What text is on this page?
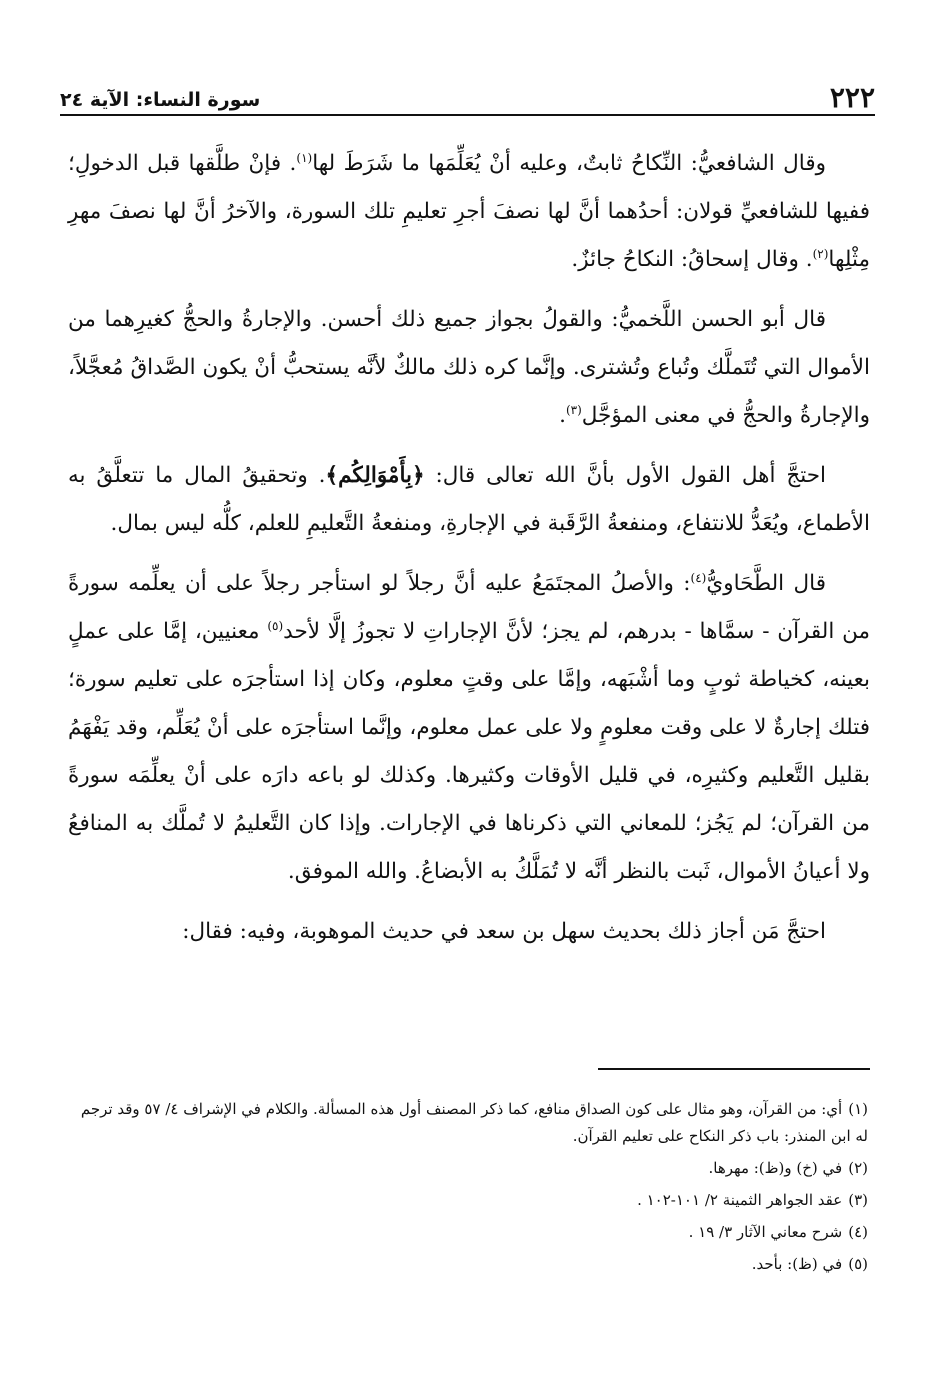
٢٢٢
سورة النساء: الآية ٢٤

وقال الشافعيُّ: النِّكاحُ ثابتٌ، وعليه أنْ يُعَلِّمَها ما شَرَطَ لها$^{(١)}$. فإنْ طلَّقها قبل الدخولِ؛ ففيها للشافعيِّ قولان: أحدُهما أنَّ لها نصفَ أجرِ تعليمِ تلك السورة، والآخرُ أنَّ لها نصفَ مهرِ مِثْلِها$^{(٢)}$. وقال إسحاقُ: النكاحُ جائزٌ.

قال أبو الحسن اللَّخميُّ: والقولُ بجواز جميع ذلك أحسن. والإجارةُ والحجُّ كغيرِهما من الأموال التي تُتَملَّك وتُباع وتُشترى. وإنَّما كره ذلك مالكٌ لأنَّه يستحبُّ أنْ يكون الصَّداقُ مُعجَّلاً، والإجارةُ والحجُّ في معنى المؤجَّل$^{(٣)}$.

احتجَّ أهل القول الأول بأنَّ الله تعالى قال: ﴿بِأَمْوَالِكُم﴾. وتحقيقُ المال ما تتعلَّقُ به الأطماع، ويُعَدُّ للانتفاع، ومنفعةُ الرَّقَبة في الإجارةِ، ومنفعةُ التَّعليمِ للعلم، كلُّه ليس بمال.

قال الطَّحَاويُّ$^{(٤)}$: والأصلُ المجتَمَعُ عليه أنَّ رجلاً لو استأجر رجلاً على أن يعلِّمه سورةً من القرآن - سمَّاها - بدرهم، لم يجز؛ لأنَّ الإجاراتِ لا تجوزُ إلَّا لأحد$^{(٥)}$ معنيين، إمَّا على عملٍ بعينه، كخياطة ثوبٍ وما أشْبَهه، وإمَّا على وقتٍ معلوم، وكان إذا استأجرَه على تعليم سورة؛ فتلك إجارةٌ لا على وقت معلومٍ ولا على عمل معلوم، وإنَّما استأجرَه على أنْ يُعَلِّم، وقد يَفْهَمُ بقليل التَّعليم وكثيرِه، في قليل الأوقات وكثيرها. وكذلك لو باعه دارَه على أنْ يعلِّمَه سورةً من القرآن؛ لم يَجُز؛ للمعاني التي ذكرناها في الإجارات. وإذا كان التَّعليمُ لا تُملَّك به المنافعُ ولا أعيانُ الأموال، ثَبت بالنظر أنَّه لا تُمَلَّكُ به الأبضاعُ. والله الموفق.

احتجَّ مَن أجاز ذلك بحديث سهل بن سعد في حديث الموهوبة، وفيه: فقال:

(١)أي: من القرآن، وهو مثال على كون الصداق منافع، كما ذكر المصنف أول هذه المسألة. والكلام في الإشراف ٤/ ٥٧ وقد ترجم له ابن المنذر: باب ذكر النكاح على تعليم القرآن.

(٢)في (خ) و(ظ): مهرها.

(٣)عقد الجواهر الثمينة ٢/ ١٠١-١٠٢ .

(٤)شرح معاني الآثار ٣/ ١٩ .

(٥)في (ظ): بأحد.
